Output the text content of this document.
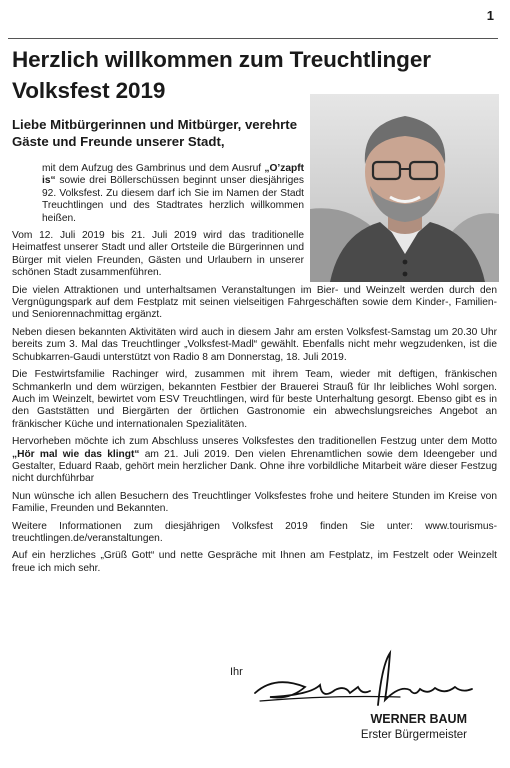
1
Herzlich willkommen zum Treuchtlinger Volksfest 2019
Liebe Mitbürgerinnen und Mitbürger, verehrte Gäste und Freunde unserer Stadt,

mit dem Aufzug des Gambrinus und dem Ausruf „O’zapft is“ sowie drei Böllerschüssen beginnt unser diesjähriges 92. Volksfest. Zu diesem darf ich Sie im Namen der Stadt Treuchtlingen und des Stadtrates herzlich willkommen heißen.

Vom 12. Juli 2019 bis 21. Juli 2019 wird das traditionelle Heimatfest unserer Stadt und aller Ortsteile die Bürgerinnen und Bürger mit vielen Freunden, Gästen und Urlaubern in unserer schönen Stadt zusammenführen.

Die vielen Attraktionen und unterhaltsamen Veranstaltungen im Bier- und Weinzelt werden durch den Vergnügungspark auf dem Festplatz mit seinen vielseitigen Fahrgeschäften sowie dem Kinder-, Familien- und Seniorennachmittag ergänzt.

Neben diesen bekannten Aktivitäten wird auch in diesem Jahr am ersten Volksfest-Samstag um 20.30 Uhr bereits zum 3. Mal das Treuchtlinger „Volksfest-Madl“ gewählt. Ebenfalls nicht mehr wegzudenken, ist die Schubkarren-Gaudi unterstützt von Radio 8 am Donnerstag, 18. Juli 2019.

Die Festwirtsfamilie Rachinger wird, zusammen mit ihrem Team, wieder mit deftigen, fränkischen Schmankerln und dem würzigen, bekannten Festbier der Brauerei Strauß für Ihr leibliches Wohl sorgen. Auch im Weinzelt, bewirtet vom ESV Treuchtlingen, wird für beste Unterhaltung gesorgt. Ebenso gibt es in den Gaststätten und Biergärten der örtlichen Gastronomie ein abwechslungsreiches Angebot an fränkischer Küche und internationalen Spezialitäten.

Hervorheben möchte ich zum Abschluss unseres Volksfestes den traditionellen Festzug unter dem Motto „Hör mal wie das klingt“ am 21. Juli 2019. Den vielen Ehrenamtlichen sowie dem Ideengeber und Gestalter, Eduard Raab, gehört mein herzlicher Dank. Ohne ihre vorbildliche Mitarbeit wäre dieser Festzug nicht durchführbar

Nun wünsche ich allen Besuchern des Treuchtlinger Volksfestes frohe und heitere Stunden im Kreise von Familie, Freunden und Bekannten.

Weitere Informationen zum diesjährigen Volksfest 2019 finden Sie unter: www.tourismus-treuchtlingen.de/veranstaltungen.

Auf ein herzliches „Grüß Gott“ und nette Gespräche mit Ihnen am Festplatz, im Festzelt oder Weinzelt freue ich mich sehr.

Ihr
WERNER BAUM
Erster Bürgermeister
